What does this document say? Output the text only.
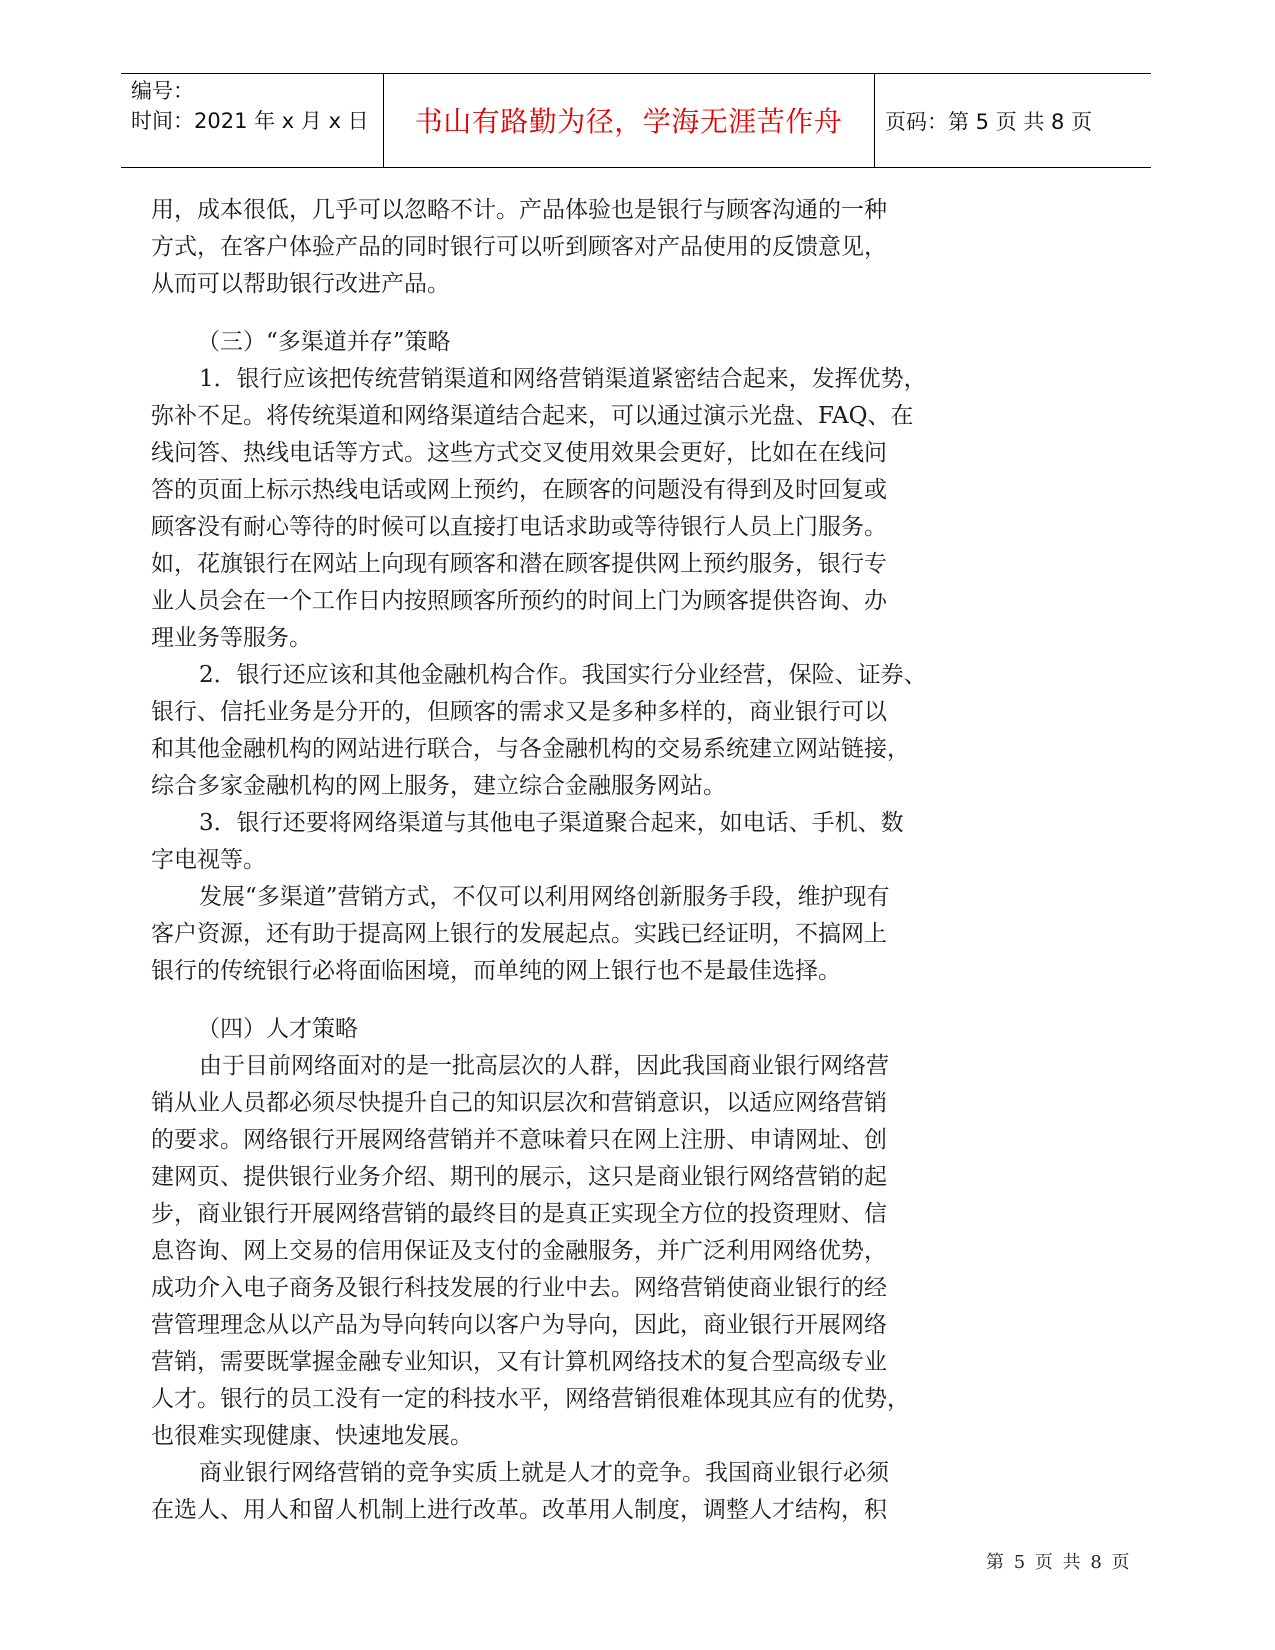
编号：
时间：2021 年 x 月 x 日	书山有路勤为径，学海无涯苦作舟	页码：第 5 页 共 8 页

用，成本很低，几乎可以忽略不计。产品体验也是银行与顾客沟通的一种

方式，在客户体验产品的同时银行可以听到顾客对产品使用的反馈意见，

从而可以帮助银行改进产品。

（三）“多渠道并存”策略

1．银行应该把传统营销渠道和网络营销渠道紧密结合起来，发挥优势，

弥补不足。将传统渠道和网络渠道结合起来，可以通过演示光盘、FAQ、在

线问答、热线电话等方式。这些方式交叉使用效果会更好，比如在在线问

答的页面上标示热线电话或网上预约，在顾客的问题没有得到及时回复或

顾客没有耐心等待的时候可以直接打电话求助或等待银行人员上门服务。

如，花旗银行在网站上向现有顾客和潜在顾客提供网上预约服务，银行专

业人员会在一个工作日内按照顾客所预约的时间上门为顾客提供咨询、办

理业务等服务。

2．银行还应该和其他金融机构合作。我国实行分业经营，保险、证券、

银行、信托业务是分开的，但顾客的需求又是多种多样的，商业银行可以

和其他金融机构的网站进行联合，与各金融机构的交易系统建立网站链接，

综合多家金融机构的网上服务，建立综合金融服务网站。

3．银行还要将网络渠道与其他电子渠道聚合起来，如电话、手机、数

字电视等。

发展“多渠道”营销方式，不仅可以利用网络创新服务手段，维护现有

客户资源，还有助于提高网上银行的发展起点。实践已经证明，不搞网上

银行的传统银行必将面临困境，而单纯的网上银行也不是最佳选择。

（四）人才策略

由于目前网络面对的是一批高层次的人群，因此我国商业银行网络营

销从业人员都必须尽快提升自己的知识层次和营销意识，以适应网络营销

的要求。网络银行开展网络营销并不意味着只在网上注册、申请网址、创

建网页、提供银行业务介绍、期刊的展示，这只是商业银行网络营销的起

步，商业银行开展网络营销的最终目的是真正实现全方位的投资理财、信

息咨询、网上交易的信用保证及支付的金融服务，并广泛利用网络优势，

成功介入电子商务及银行科技发展的行业中去。网络营销使商业银行的经

营管理理念从以产品为导向转向以客户为导向，因此，商业银行开展网络

营销，需要既掌握金融专业知识，又有计算机网络技术的复合型高级专业

人才。银行的员工没有一定的科技水平，网络营销很难体现其应有的优势，

也很难实现健康、快速地发展。

商业银行网络营销的竞争实质上就是人才的竞争。我国商业银行必须

在选人、用人和留人机制上进行改革。改革用人制度，调整人才结构，积

第 5 页 共 8 页
